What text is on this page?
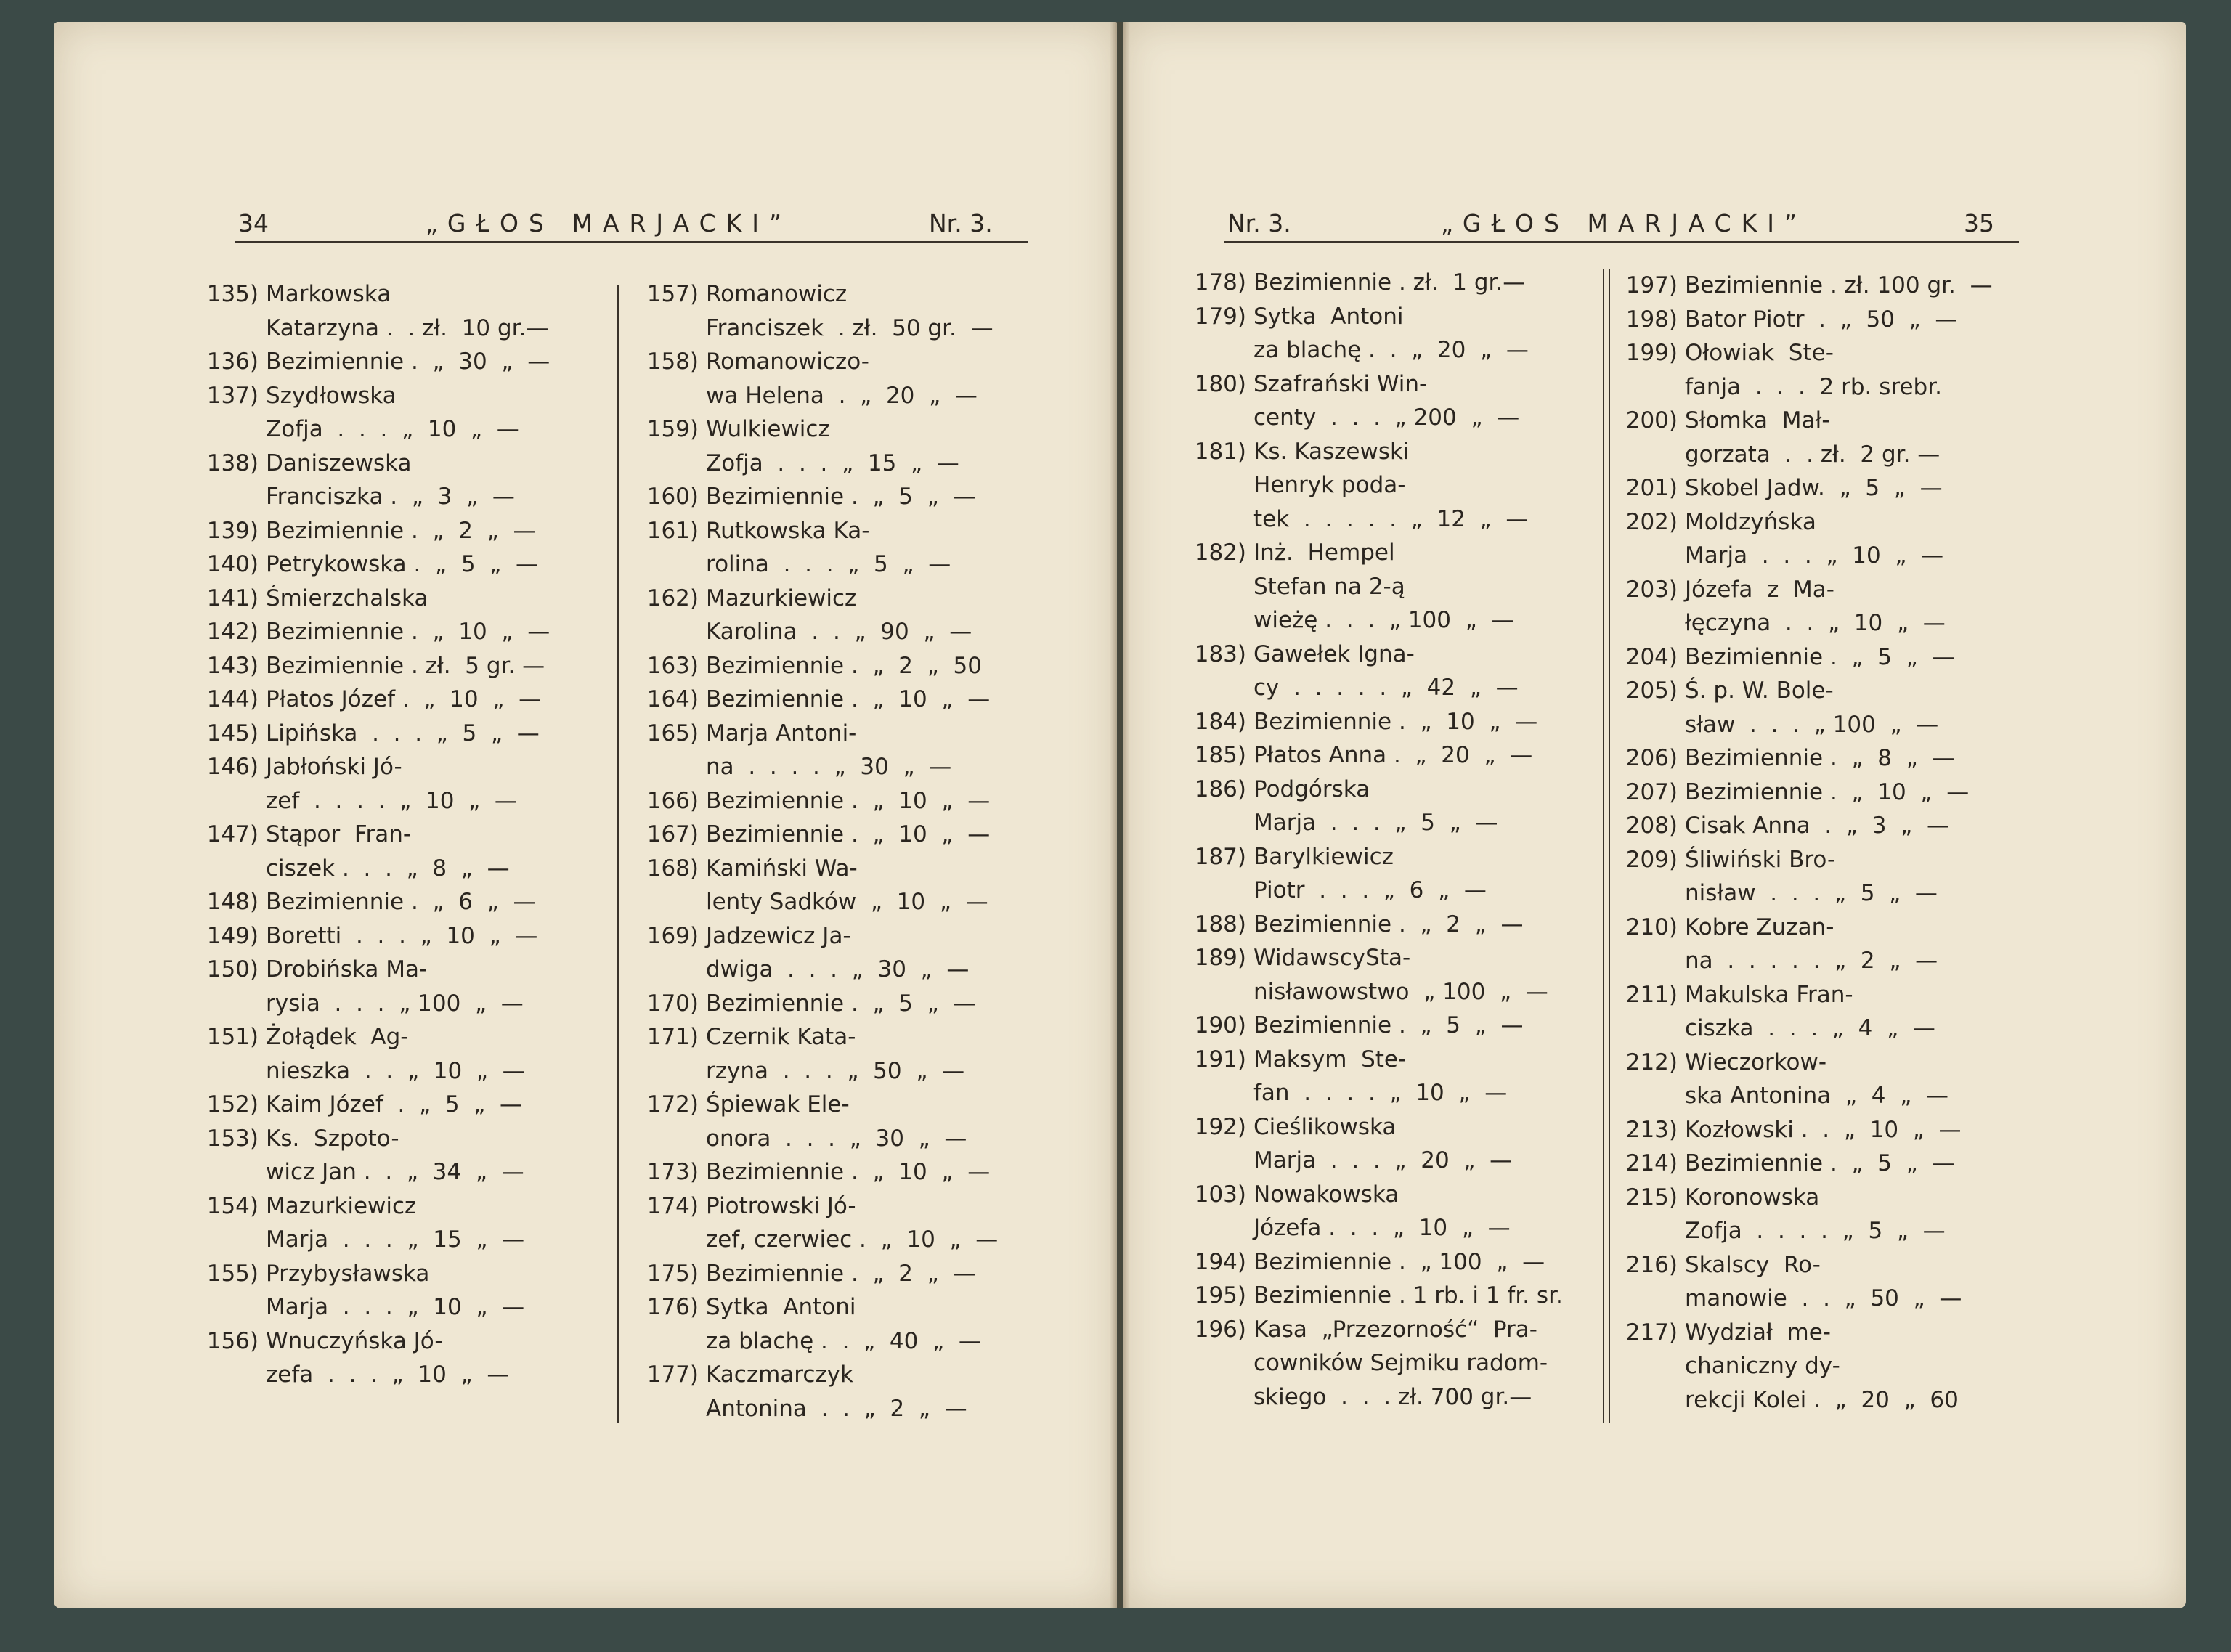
34	„GŁOS MARJACKI”	Nr. 3.	Nr. 3.	„GŁOS MARJACKI”	35
135) Markowska
Katarzyna .  . zł.  10 gr.—
136) Bezimiennie .  „  30  „  —
137) Szydłowska
Zofja  .  .  .  „  10  „  —
138) Daniszewska
Franciszka .  „  3  „  —
139) Bezimiennie .  „  2  „  —
140) Petrykowska .  „  5  „  —
141) Śmierzchalska
142) Bezimiennie .  „  10  „  —
143) Bezimiennie . zł.  5 gr. —
144) Płatos Józef .  „  10  „  —
145) Lipińska  .  .  .  „  5  „  —
146) Jabłoński Jó-
zef  .  .  .  .  „  10  „  —
147) Stąpor  Fran-
ciszek .  .  .  „  8  „  —
148) Bezimiennie .  „  6  „  —
149) Boretti  .  .  .  „  10  „  —
150) Drobińska Ma-
rysia  .  .  .  „ 100  „  —
151) Żołądek  Ag-
nieszka  .  .  „  10  „  —
152) Kaim Józef  .  „  5  „  —
153) Ks.  Szpoto-
wicz Jan .  .  „  34  „  —
154) Mazurkiewicz
Marja  .  .  .  „  15  „  —
155) Przybysławska
Marja  .  .  .  „  10  „  —
156) Wnuczyńska Jó-
zefa  .  .  .  „  10  „  —
157) Romanowicz
Franciszek  . zł.  50 gr.  —
158) Romanowiczo-
wa Helena  .  „  20  „  —
159) Wulkiewicz
Zofja  .  .  .  „  15  „  —
160) Bezimiennie .  „  5  „  —
161) Rutkowska Ka-
rolina  .  .  .  „  5  „  —
162) Mazurkiewicz
Karolina  .  .  „  90  „  —
163) Bezimiennie .  „  2  „  50
164) Bezimiennie .  „  10  „  —
165) Marja Antoni-
na  .  .  .  .  „  30  „  —
166) Bezimiennie .  „  10  „  —
167) Bezimiennie .  „  10  „  —
168) Kamiński Wa-
lenty Sadków  „  10  „  —
169) Jadzewicz Ja-
dwiga  .  .  .  „  30  „  —
170) Bezimiennie .  „  5  „  —
171) Czernik Kata-
rzyna  .  .  .  „  50  „  —
172) Śpiewak Ele-
onora  .  .  .  „  30  „  —
173) Bezimiennie .  „  10  „  —
174) Piotrowski Jó-
zef, czerwiec .  „  10  „  —
175) Bezimiennie .  „  2  „  —
176) Sytka  Antoni
za blachę .  .  „  40  „  —
177) Kaczmarczyk
Antonina  .  .  „  2  „  —
178) Bezimiennie . zł.  1 gr.—
179) Sytka  Antoni
za blachę .  .  „  20  „  —
180) Szafrański Win-
centy  .  .  .  „ 200  „  —
181) Ks. Kaszewski
Henryk poda-
tek  .  .  .  .  .  „  12  „  —
182) Inż.  Hempel
Stefan na 2-ą
wieżę .  .  .  „ 100  „  —
183) Gawełek Igna-
cy  .  .  .  .  .  „  42  „  —
184) Bezimiennie .  „  10  „  —
185) Płatos Anna .  „  20  „  —
186) Podgórska
Marja  .  .  .  „  5  „  —
187) Barylkiewicz
Piotr  .  .  .  „  6  „  —
188) Bezimiennie .  „  2  „  —
189) WidawscySta-
nisławowstwo  „ 100  „  —
190) Bezimiennie .  „  5  „  —
191) Maksym  Ste-
fan  .  .  .  .  „  10  „  —
192) Cieślikowska
Marja  .  .  .  „  20  „  —
103) Nowakowska
Józefa .  .  .  „  10  „  —
194) Bezimiennie .  „ 100  „  —
195) Bezimiennie . 1 rb. i 1 fr. sr.
196) Kasa  „Przezorność“  Pra-
cowników Sejmiku radom-
skiego  .  .  . zł. 700 gr.—
197) Bezimiennie . zł. 100 gr.  —
198) Bator Piotr  .  „  50  „  —
199) Ołowiak  Ste-
fanja  .  .  .  2 rb. srebr.
200) Słomka  Mał-
gorzata  .  . zł.  2 gr. —
201) Skobel Jadw.  „  5  „  —
202) Moldzyńska
Marja  .  .  .  „  10  „  —
203) Józefa  z  Ma-
łęczyna  .  .  „  10  „  —
204) Bezimiennie .  „  5  „  —
205) Ś. p. W. Bole-
sław  .  .  .  „ 100  „  —
206) Bezimiennie .  „  8  „  —
207) Bezimiennie .  „  10  „  —
208) Cisak Anna  .  „  3  „  —
209) Śliwiński Bro-
nisław  .  .  .  „  5  „  —
210) Kobre Zuzan-
na  .  .  .  .  .  „  2  „  —
211) Makulska Fran-
ciszka  .  .  .  „  4  „  —
212) Wieczorkow-
ska Antonina  „  4  „  —
213) Kozłowski .  .  „  10  „  —
214) Bezimiennie .  „  5  „  —
215) Koronowska
Zofja  .  .  .  .  „  5  „  —
216) Skalscy  Ro-
manowie  .  .  „  50  „  —
217) Wydział  me-
chaniczny dy-
rekcji Kolei .  „  20  „  60
